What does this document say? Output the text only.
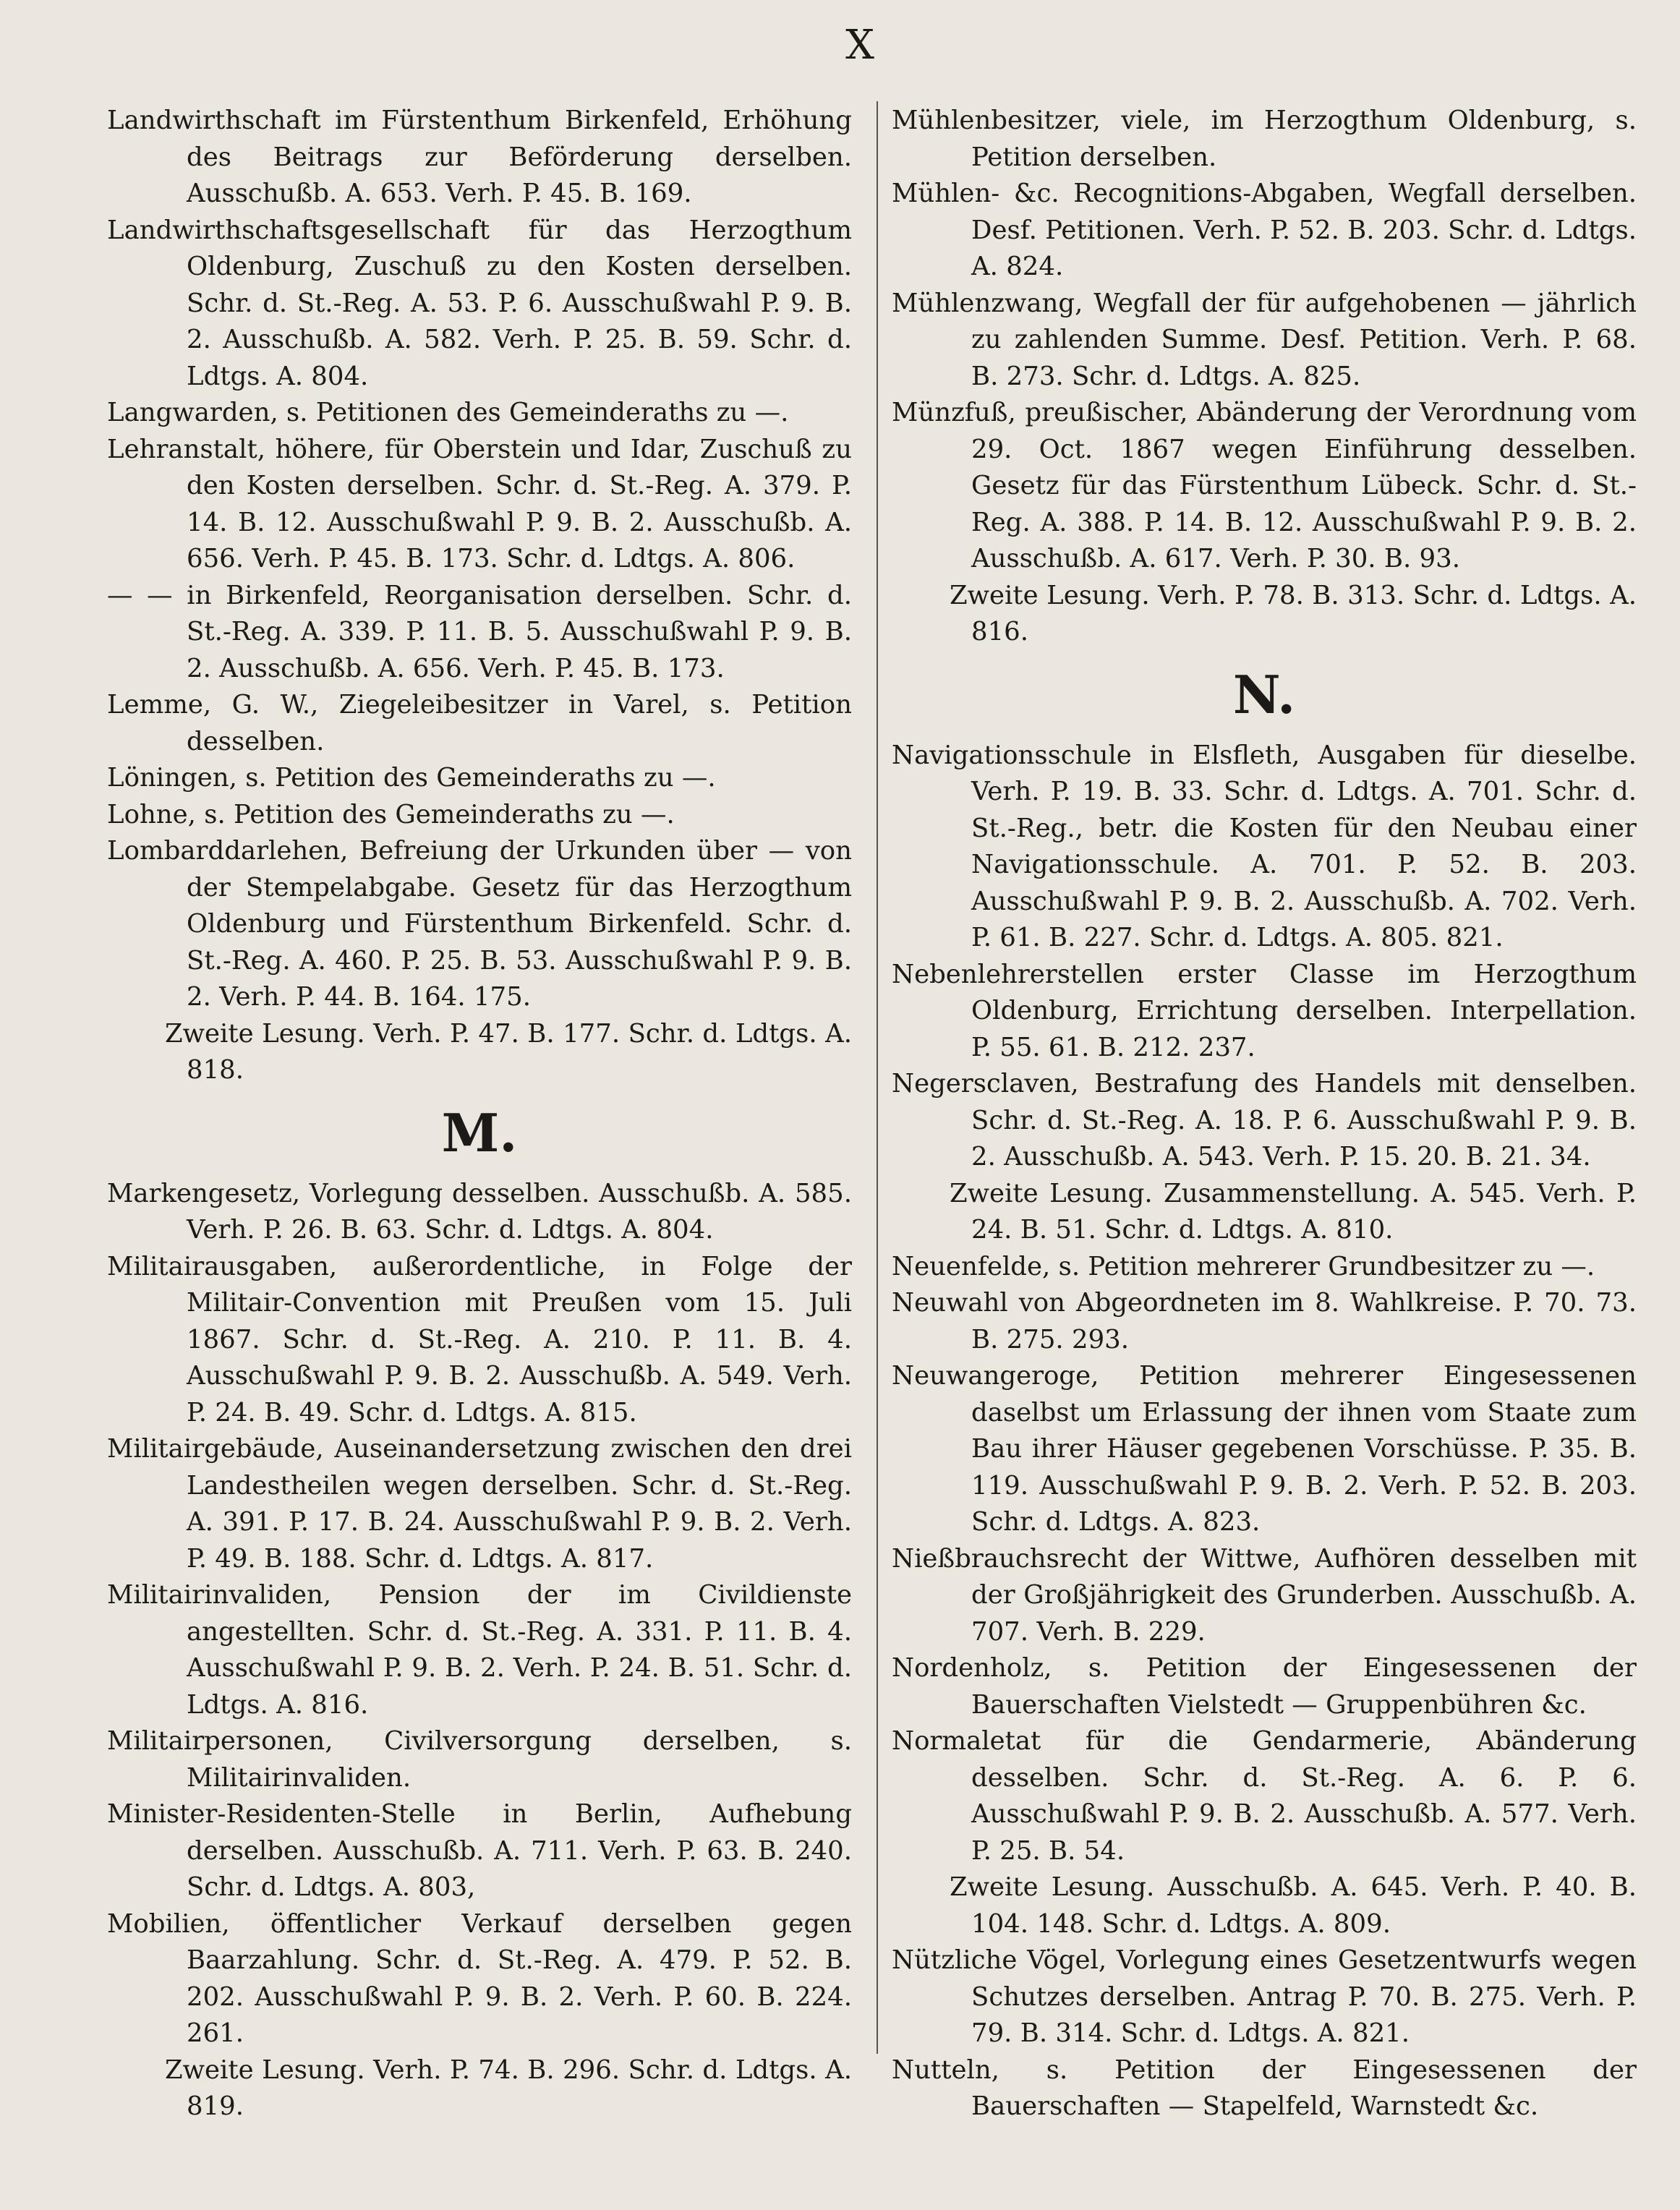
X

Landwirthschaft im Fürstenthum Birkenfeld, Erhöhung des Beitrags zur Beförderung derselben. Ausschußb. A. 653. Verh. P. 45. B. 169.

Landwirthschaftsgesellschaft für das Herzogthum Oldenburg, Zuschuß zu den Kosten derselben. Schr. d. St.-Reg. A. 53. P. 6. Ausschußwahl P. 9. B. 2. Ausschußb. A. 582. Verh. P. 25. B. 59. Schr. d. Ldtgs. A. 804.

Langwarden, s. Petitionen des Gemeinderaths zu —.

Lehranstalt, höhere, für Oberstein und Idar, Zuschuß zu den Kosten derselben. Schr. d. St.-Reg. A. 379. P. 14. B. 12. Ausschußwahl P. 9. B. 2. Ausschußb. A. 656. Verh. P. 45. B. 173. Schr. d. Ldtgs. A. 806.

— — in Birkenfeld, Reorganisation derselben. Schr. d. St.-Reg. A. 339. P. 11. B. 5. Ausschußwahl P. 9. B. 2. Ausschußb. A. 656. Verh. P. 45. B. 173.

Lemme, G. W., Ziegeleibesitzer in Varel, s. Petition desselben.

Löningen, s. Petition des Gemeinderaths zu —.

Lohne, s. Petition des Gemeinderaths zu —.

Lombarddarlehen, Befreiung der Urkunden über — von der Stempelabgabe. Gesetz für das Herzogthum Oldenburg und Fürstenthum Birkenfeld. Schr. d. St.-Reg. A. 460. P. 25. B. 53. Ausschußwahl P. 9. B. 2. Verh. P. 44. B. 164. 175.

Zweite Lesung. Verh. P. 47. B. 177. Schr. d. Ldtgs. A. 818.

M.

Markengesetz, Vorlegung desselben. Ausschußb. A. 585. Verh. P. 26. B. 63. Schr. d. Ldtgs. A. 804.

Militairausgaben, außerordentliche, in Folge der Militair-Convention mit Preußen vom 15. Juli 1867. Schr. d. St.-Reg. A. 210. P. 11. B. 4. Ausschußwahl P. 9. B. 2. Ausschußb. A. 549. Verh. P. 24. B. 49. Schr. d. Ldtgs. A. 815.

Militairgebäude, Auseinandersetzung zwischen den drei Landestheilen wegen derselben. Schr. d. St.-Reg. A. 391. P. 17. B. 24. Ausschußwahl P. 9. B. 2. Verh. P. 49. B. 188. Schr. d. Ldtgs. A. 817.

Militairinvaliden, Pension der im Civildienste angestellten. Schr. d. St.-Reg. A. 331. P. 11. B. 4. Ausschußwahl P. 9. B. 2. Verh. P. 24. B. 51. Schr. d. Ldtgs. A. 816.

Militairpersonen, Civilversorgung derselben, s. Militairinvaliden.

Minister-Residenten-Stelle in Berlin, Aufhebung derselben. Ausschußb. A. 711. Verh. P. 63. B. 240. Schr. d. Ldtgs. A. 803,

Mobilien, öffentlicher Verkauf derselben gegen Baarzahlung. Schr. d. St.-Reg. A. 479. P. 52. B. 202. Ausschußwahl P. 9. B. 2. Verh. P. 60. B. 224. 261.

Zweite Lesung. Verh. P. 74. B. 296. Schr. d. Ldtgs. A. 819.

Mühlenbesitzer, viele, im Herzogthum Oldenburg, s. Petition derselben.

Mühlen- &c. Recognitions-Abgaben, Wegfall derselben. Desf. Petitionen. Verh. P. 52. B. 203. Schr. d. Ldtgs. A. 824.

Mühlenzwang, Wegfall der für aufgehobenen — jährlich zu zahlenden Summe. Desf. Petition. Verh. P. 68. B. 273. Schr. d. Ldtgs. A. 825.

Münzfuß, preußischer, Abänderung der Verordnung vom 29. Oct. 1867 wegen Einführung desselben. Gesetz für das Fürstenthum Lübeck. Schr. d. St.-Reg. A. 388. P. 14. B. 12. Ausschußwahl P. 9. B. 2. Ausschußb. A. 617. Verh. P. 30. B. 93.

Zweite Lesung. Verh. P. 78. B. 313. Schr. d. Ldtgs. A. 816.

N.

Navigationsschule in Elsfleth, Ausgaben für dieselbe. Verh. P. 19. B. 33. Schr. d. Ldtgs. A. 701. Schr. d. St.-Reg., betr. die Kosten für den Neubau einer Navigationsschule. A. 701. P. 52. B. 203. Ausschußwahl P. 9. B. 2. Ausschußb. A. 702. Verh. P. 61. B. 227. Schr. d. Ldtgs. A. 805. 821.

Nebenlehrerstellen erster Classe im Herzogthum Oldenburg, Errichtung derselben. Interpellation. P. 55. 61. B. 212. 237.

Negersclaven, Bestrafung des Handels mit denselben. Schr. d. St.-Reg. A. 18. P. 6. Ausschußwahl P. 9. B. 2. Ausschußb. A. 543. Verh. P. 15. 20. B. 21. 34.

Zweite Lesung. Zusammenstellung. A. 545. Verh. P. 24. B. 51. Schr. d. Ldtgs. A. 810.

Neuenfelde, s. Petition mehrerer Grundbesitzer zu —.

Neuwahl von Abgeordneten im 8. Wahlkreise. P. 70. 73. B. 275. 293.

Neuwangeroge, Petition mehrerer Eingesessenen daselbst um Erlassung der ihnen vom Staate zum Bau ihrer Häuser gegebenen Vorschüsse. P. 35. B. 119. Ausschußwahl P. 9. B. 2. Verh. P. 52. B. 203. Schr. d. Ldtgs. A. 823.

Nießbrauchsrecht der Wittwe, Aufhören desselben mit der Großjährigkeit des Grunderben. Ausschußb. A. 707. Verh. B. 229.

Nordenholz, s. Petition der Eingesessenen der Bauerschaften Vielstedt — Gruppenbühren &c.

Normaletat für die Gendarmerie, Abänderung desselben. Schr. d. St.-Reg. A. 6. P. 6. Ausschußwahl P. 9. B. 2. Ausschußb. A. 577. Verh. P. 25. B. 54.

Zweite Lesung. Ausschußb. A. 645. Verh. P. 40. B. 104. 148. Schr. d. Ldtgs. A. 809.

Nützliche Vögel, Vorlegung eines Gesetzentwurfs wegen Schutzes derselben. Antrag P. 70. B. 275. Verh. P. 79. B. 314. Schr. d. Ldtgs. A. 821.

Nutteln, s. Petition der Eingesessenen der Bauerschaften — Stapelfeld, Warnstedt &c.
